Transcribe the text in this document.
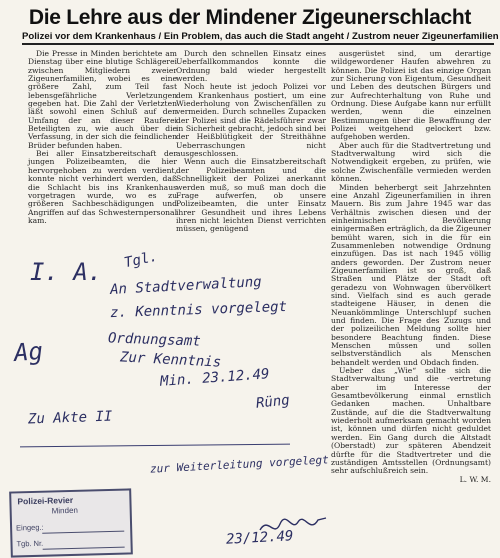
Die Lehre aus der Mindener Zigeunerschlacht
Polizei vor dem Krankenhaus / Ein Problem, das auch die Stadt angeht / Zustrom neuer Zigeunerfamilien

Die Presse in Minden berichtete am Dienstag über eine blutige Schlägerei zwischen Mitgliedern zweier Zigeunerfamilien, wobei es eine größere Zahl, zum Teil fast lebensgefährliche Verletzungen gegeben hat. Die Zahl der Verletzten läßt sowohl einen Schluß auf den Umfang der an dieser Rauferei Beteiligten zu, wie auch über die Verfassung, in der sich die feindlichen Brüder befunden haben.

Bei aller Einsatzbereitschaft der jungen Polizeibeamten, die hier hervorgehoben zu werden verdient, konnte nicht verhindert werden, daß die Schlacht bis ins Krankenhaus vorgetragen wurde, wo es zu größeren Sachbeschädigungen und Angriffen auf das Schwesternpersonal kam.

Durch den schnellen Einsatz eines Ueberfallkommandos konnte die Ordnung bald wieder hergestellt werden.

Noch heute ist jedoch Polizei vor dem Krankenhaus postiert, um eine Wiederholung von Zwischenfällen zu vermeiden. Durch schnelles Zupacken der Polizei sind die Rädelsführer zwar in Sicherheit gebracht, jedoch sind bei der Heißblütigkeit der Streithähne Ueberraschungen nicht ausgeschlossen.

Wenn auch die Einsatzbereitschaft der Polizeibeamten und die Schnelligkeit der Polizei anerkannt werden muß, so muß man doch die Frage aufwerfen, ob unsere Polizeibeamten, die unter Einsatz ihrer Gesundheit und ihres Lebens ihren nicht leichten Dienst verrichten müssen, genügend

ausgerüstet sind, um derartige wildgewordener Haufen abwehren zu können. Die Polizei ist das einzige Organ zur Sicherung von Eigentum, Gesundheit und Leben des deutschen Bürgers und zur Aufrechterhaltung von Ruhe und Ordnung. Diese Aufgabe kann nur erfüllt werden, wenn die einzelnen Bestimmungen über die Bewaffnung der Polizei weitgehend gelockert bzw. aufgehoben werden.

Aber auch für die Stadtvertretung und Stadtverwaltung wird sich die Notwendigkeit ergeben, zu prüfen, wie solche Zwischenfälle vermieden werden können.

Minden beherbergt seit Jahrzehnten eine Anzahl Zigeunerfamilien in ihren Mauern. Bis zum Jahre 1945 war das Verhältnis zwischen diesen und der einheimischen Bevölkerung einigermaßen erträglich, da die Zigeuner bemüht waren, sich in die für ein Zusammenleben notwendige Ordnung einzufügen. Das ist nach 1945 völlig anders geworden. Der Zustrom neuer Zigeunerfamilien ist so groß, daß Straßen und Plätze der Stadt oft geradezu von Wohnwagen übervölkert sind. Vielfach sind es auch gerade stadteigene Häuser, in denen die Neuankömmlinge Unterschlupf suchen und finden. Die Frage des Zuzugs und der polizeilichen Meldung sollte hier besondere Beachtung finden. Diese Menschen müssen und sollen selbstverständlich als Menschen behandelt werden und Obdach finden.

Ueber das „Wie“ sollte sich die Stadtverwaltung und die -vertretung aber im Interesse der Gesamtbevölkerung einmal ernstlich Gedanken machen. Unhaltbare Zustände, auf die die Stadtverwaltung wiederholt aufmerksam gemacht worden ist, können und dürfen nicht geduldet werden. Ein Gang durch die Altstadt (Oberstadt) zur späteren Abendzeit dürfte für die Stadtvertreter und die zuständigen Amtsstellen (Ordnungsamt) sehr aufschlußreich sein.

L. W. M.

I. A. Tgl.
An Stadtverwaltung
z. Kenntnis vorgelegt
Ordnungsamt
Ag	Zur Kenntnis
Min. 23.12.49
Rüng
Zu Akte II
zur Weiterleitung vorgelegt
23/12.49
Polizei-Revier
Minden
Eingeg.:
Tgb. Nr.
